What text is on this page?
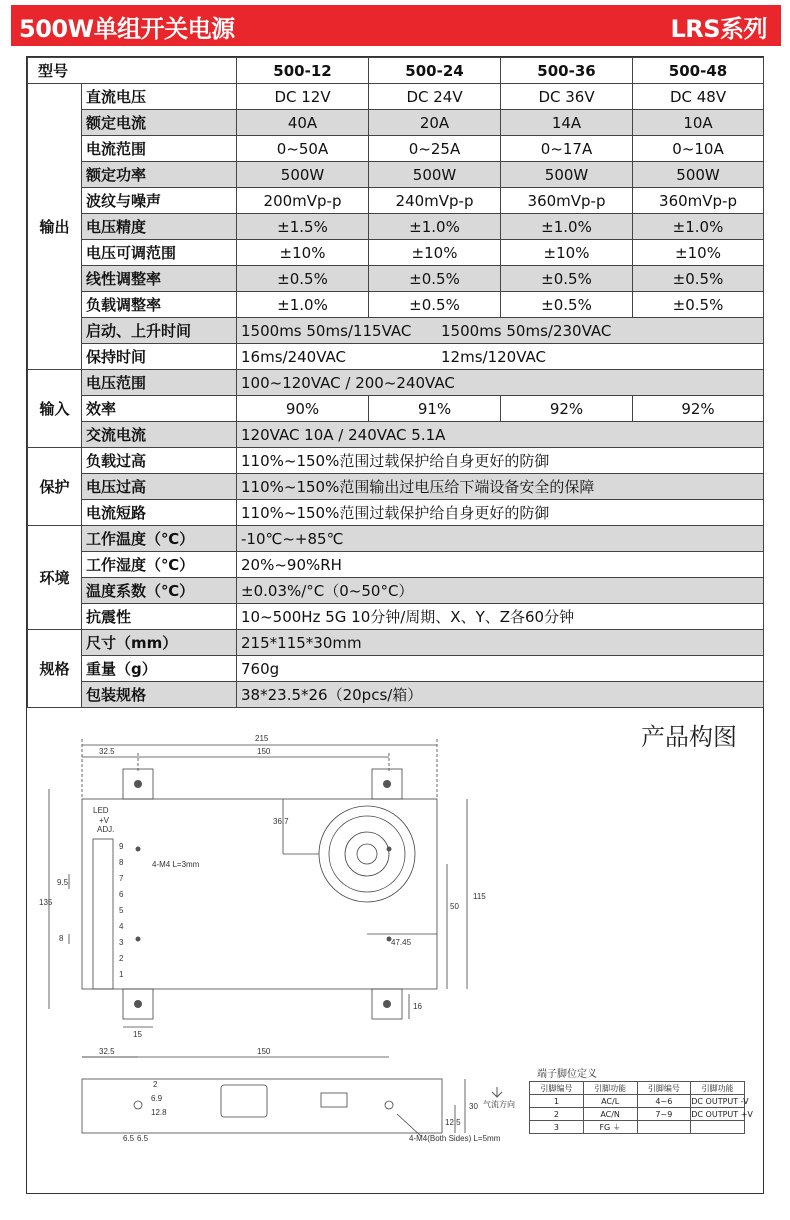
500W单组开关电源	LRS系列
型号		500-12	500-24	500-36	500-48
输出	直流电压	DC 12V	DC 24V	DC 36V	DC 48V
	额定电流	40A	20A	14A	10A
	电流范围	0~50A	0~25A	0~17A	0~10A
	额定功率	500W	500W	500W	500W
	波纹与噪声	200mVp-p	240mVp-p	360mVp-p	360mVp-p
	电压精度	±1.5%	±1.0%	±1.0%	±1.0%
	电压可调范围	±10%	±10%	±10%	±10%
	线性调整率	±0.5%	±0.5%	±0.5%	±0.5%
	负载调整率	±1.0%	±0.5%	±0.5%	±0.5%
	启动、上升时间	1500ms 50ms/115VAC 1500ms 50ms/230VAC			

	保持时间	16ms/240VAC 12ms/120VAC			

输入	电压范围	100~120VAC / 200~240VAC			
	效率	90%	91%	92%	92%
	交流电流	120VAC 10A / 240VAC 5.1A			
保护	负载过高	110%~150%范围过载保护给自身更好的防御			
	电压过高	110%~150%范围输出过电压给下端设备安全的保障			
	电流短路	110%~150%范围过载保护给自身更好的防御			
环境	工作温度（℃）	-10℃~+85℃			
	工作湿度（℃）	20%~90%RH			
	温度系数（℃）	±0.03%/°C（0~50°C）			
	抗震性	10~500Hz 5G 10分钟/周期、X、Y、Z各60分钟			
规格	尺寸（mm）	215*115*30mm			
	重量（g）	760g			
	包装规格	38*23.5*26（20pcs/箱）			
产品构图
215
150
32.5
36.7
135
115
50
47.45
9.5
8
15
16
32.5	150
2
6.9
12.8
6.5 6.5
12.5
30
LED
+V
ADJ.
4-M4 L=3mm
4-M4(Both Sides) L=5mm
气流方向
9
8
7
6
5
4
3
2
1
端子脚位定义
引脚编号	引脚功能	引脚编号	引脚功能
1	AC/L	4~6	DC OUTPUT -V
2	AC/N	7~9	DC OUTPUT +V
3	FG ⏚		
